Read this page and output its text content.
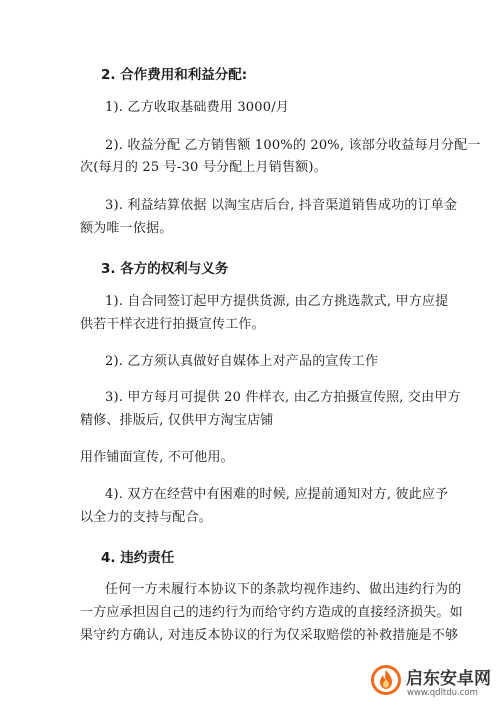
2. 合作费用和利益分配:
1). 乙方收取基础费用 3000/月
2). 收益分配 乙方销售额 100%的 20%, 该部分收益每月分配一
次(每月的 25 号-30 号分配上月销售额)。
3). 利益结算依据 以淘宝店后台, 抖音渠道销售成功的订单金
额为唯一依据。
3. 各方的权利与义务
1). 自合同签订起甲方提供货源, 由乙方挑选款式, 甲方应提
供若干样衣进行拍摄宣传工作。
2). 乙方须认真做好自媒体上对产品的宣传工作
3). 甲方每月可提供 20 件样衣, 由乙方拍摄宣传照, 交由甲方
精修、排版后, 仅供甲方淘宝店铺
用作铺面宣传, 不可他用。
4). 双方在经营中有困难的时候, 应提前通知对方, 彼此应予
以全力的支持与配合。
4. 违约责任
任何一方未履行本协议下的条款均视作违约、做出违约行为的
一方应承担因自己的违约行为而给守约方造成的直接经济损失。如
果守约方确认, 对违反本协议的行为仅采取赔偿的补救措施是不够
启东安卓网
www.qdltdu.com
